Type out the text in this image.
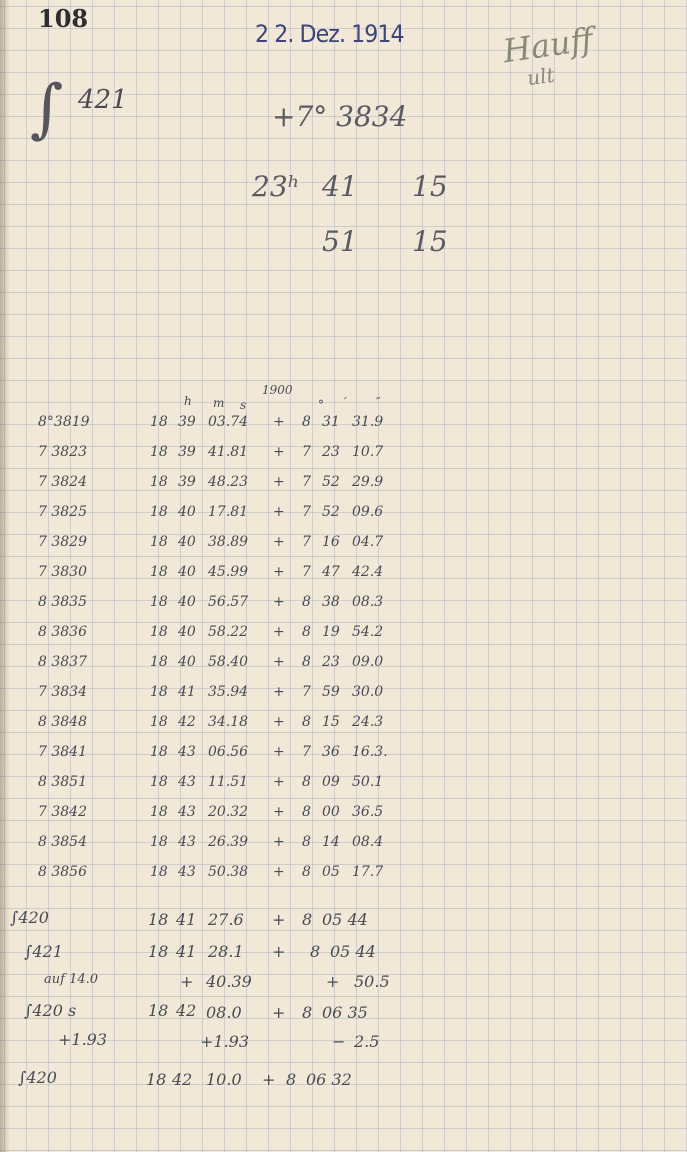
108
2 2. Dez. 1914	Hauff
ult
∫ 421	+7° 3834
23ʰ 41 15
51 15
1900
h m s	° ′ ″
8°3819	18 39 03.74 + 8 31 31.9
7 3823	18 39 41.81 + 7 23 10.7
7 3824	18 39 48.23 + 7 52 29.9
7 3825	18 40 17.81 + 7 52 09.6
7 3829	18 40 38.89 + 7 16 04.7
7 3830	18 40 45.99 + 7 47 42.4
8 3835	18 40 56.57 + 8 38 08.3
8 3836	18 40 58.22 + 8 19 54.2
8 3837	18 40 58.40 + 8 23 09.0
7 3834	18 41 35.94 + 7 59 30.0
8 3848	18 42 34.18 + 8 15 24.3
7 3841	18 43 06.56 + 7 36 16.3.
8 3851	18 43 11.51 + 8 09 50.1
7 3842	18 43 20.32 + 8 00 36.5
8 3854	18 43 26.39 + 8 14 08.4
8 3856	18 43 50.38 + 8 05 17.7
∫420	18 41 27.6 + 8 05 44
∫421	18 41 28.1 + 8 05 44
auf 14.0	+ 40.39	+ 50.5
∫420 s	18 42 08.0 + 8 06 35
+1.93	+1.93	− 2.5
∫420	18 42 10.0 + 8 06 32
